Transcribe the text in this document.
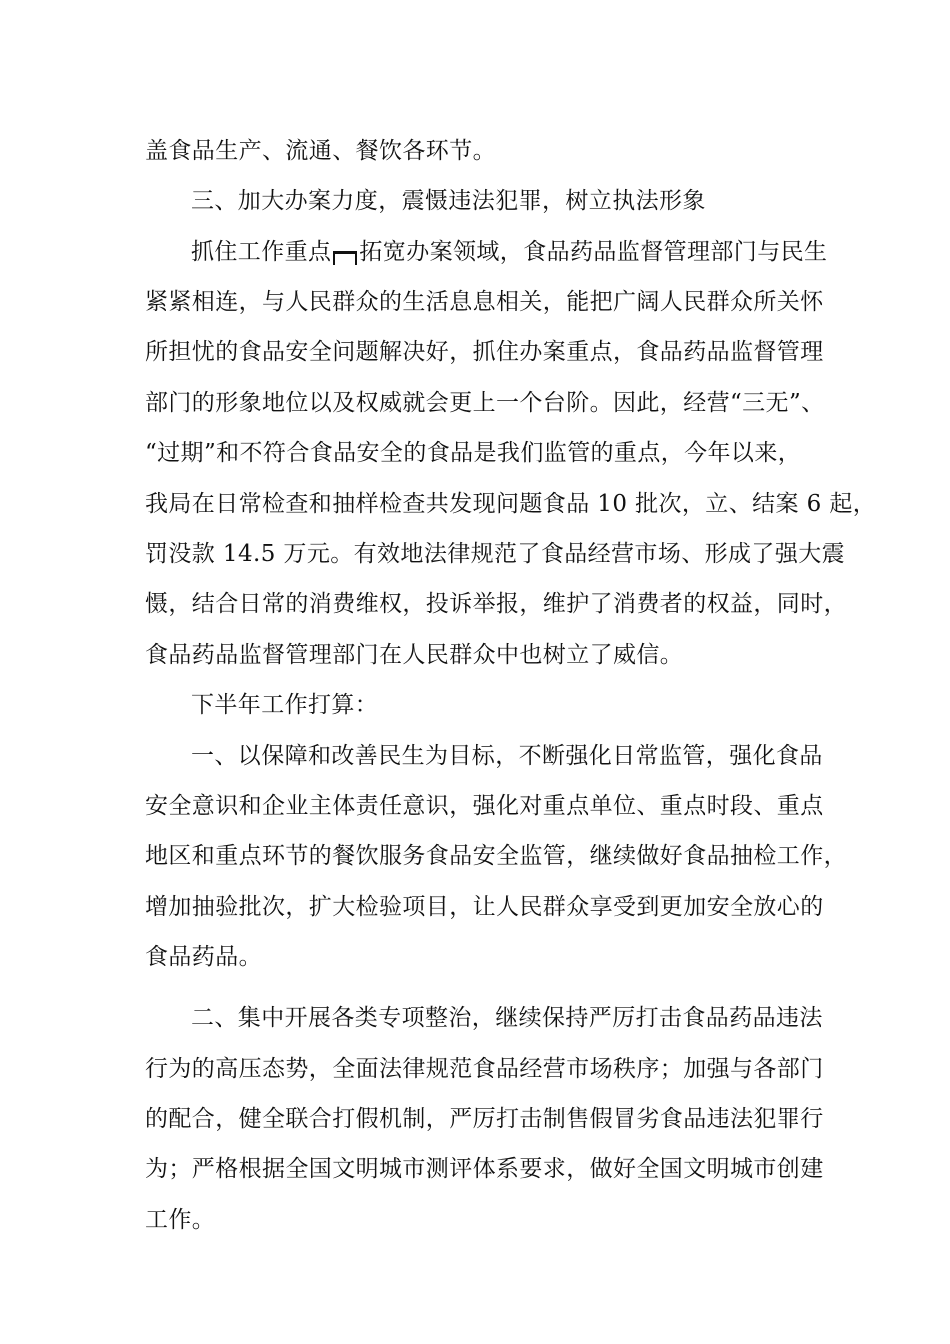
盖食品生产、流通、餐饮各环节。

三、加大办案力度，震慑违法犯罪，树立执法形象

抓住工作重点 拓宽办案领域，食品药品监督管理部门与民生

紧紧相连，与人民群众的生活息息相关，能把广阔人民群众所关怀

所担忧的食品安全问题解决好，抓住办案重点，食品药品监督管理

部门的形象地位以及权威就会更上一个台阶。因此，经营“三无”、

“过期”和不符合食品安全的食品是我们监管的重点，今年以来，

我局在日常检查和抽样检查共发现问题食品 10 批次，立、结案 6 起，

罚没款 14.5 万元。有效地法律规范了食品经营市场、形成了强大震

慑，结合日常的消费维权，投诉举报，维护了消费者的权益，同时，

食品药品监督管理部门在人民群众中也树立了威信。

下半年工作打算：

一、以保障和改善民生为目标，不断强化日常监管，强化食品

安全意识和企业主体责任意识，强化对重点单位、重点时段、重点

地区和重点环节的餐饮服务食品安全监管，继续做好食品抽检工作，

增加抽验批次，扩大检验项目，让人民群众享受到更加安全放心的

食品药品。

二、集中开展各类专项整治，继续保持严厉打击食品药品违法

行为的高压态势，全面法律规范食品经营市场秩序；加强与各部门

的配合，健全联合打假机制，严厉打击制售假冒劣食品违法犯罪行

为；严格根据全国文明城市测评体系要求，做好全国文明城市创建

工作。
